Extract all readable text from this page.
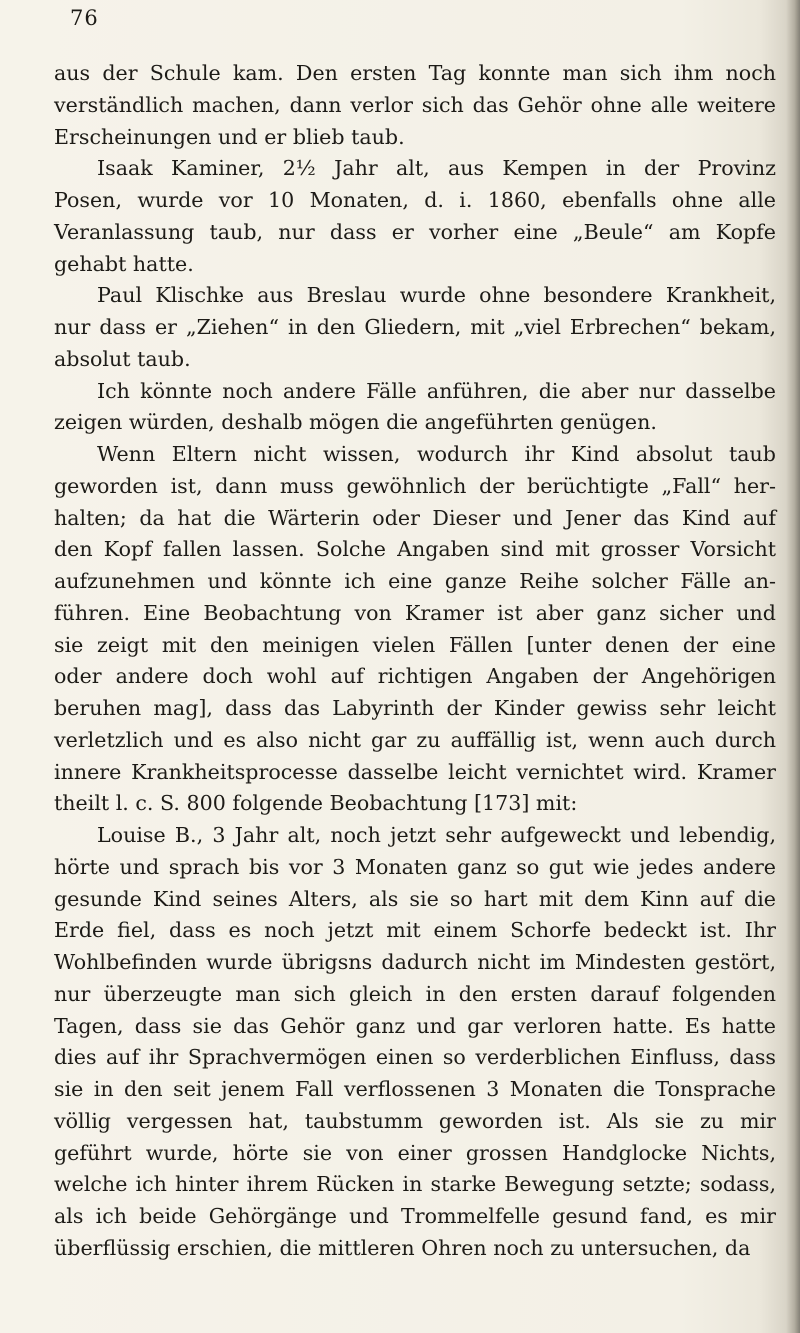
76
aus der Schule kam. Den ersten Tag konnte man sich ihm noch
verständlich machen, dann verlor sich das Gehör ohne alle weitere
Erscheinungen und er blieb taub.
Isaak Kaminer, 2½ Jahr alt, aus Kempen in der Provinz
Posen, wurde vor 10 Monaten, d. i. 1860, ebenfalls ohne alle
Veranlassung taub, nur dass er vorher eine „Beule“ am Kopfe
gehabt hatte.
Paul Klischke aus Breslau wurde ohne besondere Krankheit,
nur dass er „Ziehen“ in den Gliedern, mit „viel Erbrechen“ bekam,
absolut taub.
Ich könnte noch andere Fälle anführen, die aber nur dasselbe
zeigen würden, deshalb mögen die angeführten genügen.
Wenn Eltern nicht wissen, wodurch ihr Kind absolut taub
geworden ist, dann muss gewöhnlich der berüchtigte „Fall“ her-
halten; da hat die Wärterin oder Dieser und Jener das Kind auf
den Kopf fallen lassen. Solche Angaben sind mit grosser Vorsicht
aufzunehmen und könnte ich eine ganze Reihe solcher Fälle an-
führen. Eine Beobachtung von Kramer ist aber ganz sicher und
sie zeigt mit den meinigen vielen Fällen [unter denen der eine
oder andere doch wohl auf richtigen Angaben der Angehörigen
beruhen mag], dass das Labyrinth der Kinder gewiss sehr leicht
verletzlich und es also nicht gar zu auffällig ist, wenn auch durch
innere Krankheitsprocesse dasselbe leicht vernichtet wird. Kramer
theilt l. c. S. 800 folgende Beobachtung [173] mit:
Louise B., 3 Jahr alt, noch jetzt sehr aufgeweckt und lebendig,
hörte und sprach bis vor 3 Monaten ganz so gut wie jedes andere
gesunde Kind seines Alters, als sie so hart mit dem Kinn auf die
Erde fiel, dass es noch jetzt mit einem Schorfe bedeckt ist. Ihr
Wohlbefinden wurde übrigsns dadurch nicht im Mindesten gestört,
nur überzeugte man sich gleich in den ersten darauf folgenden
Tagen, dass sie das Gehör ganz und gar verloren hatte. Es hatte
dies auf ihr Sprachvermögen einen so verderblichen Einfluss, dass
sie in den seit jenem Fall verflossenen 3 Monaten die Tonsprache
völlig vergessen hat, taubstumm geworden ist. Als sie zu mir
geführt wurde, hörte sie von einer grossen Handglocke Nichts,
welche ich hinter ihrem Rücken in starke Bewegung setzte; sodass,
als ich beide Gehörgänge und Trommelfelle gesund fand, es mir
überflüssig erschien, die mittleren Ohren noch zu untersuchen, da
